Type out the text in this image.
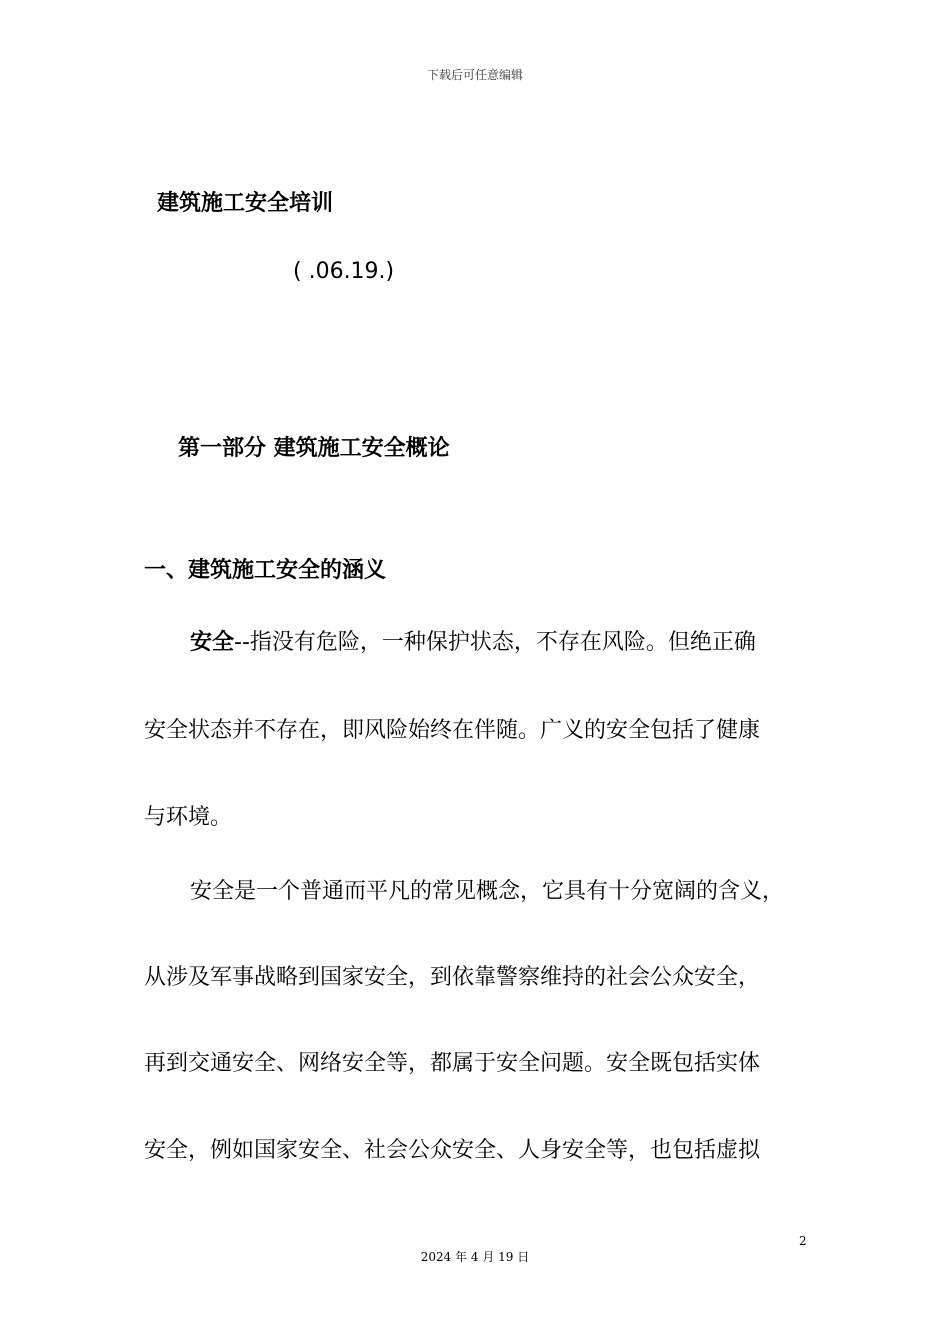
下载后可任意编辑
建筑施工安全培训
( .06.19.)
第一部分 建筑施工安全概论
一、建筑施工安全的涵义
安全--指没有危险，一种保护状态，不存在风险。但绝正确
安全状态并不存在，即风险始终在伴随。广义的安全包括了健康
与环境。
安全是一个普通而平凡的常见概念，它具有十分宽阔的含义，
从涉及军事战略到国家安全，到依靠警察维持的社会公众安全，
再到交通安全、网络安全等，都属于安全问题。安全既包括实体
安全，例如国家安全、社会公众安全、人身安全等，也包括虚拟
2
2024 年 4 月 19 日
